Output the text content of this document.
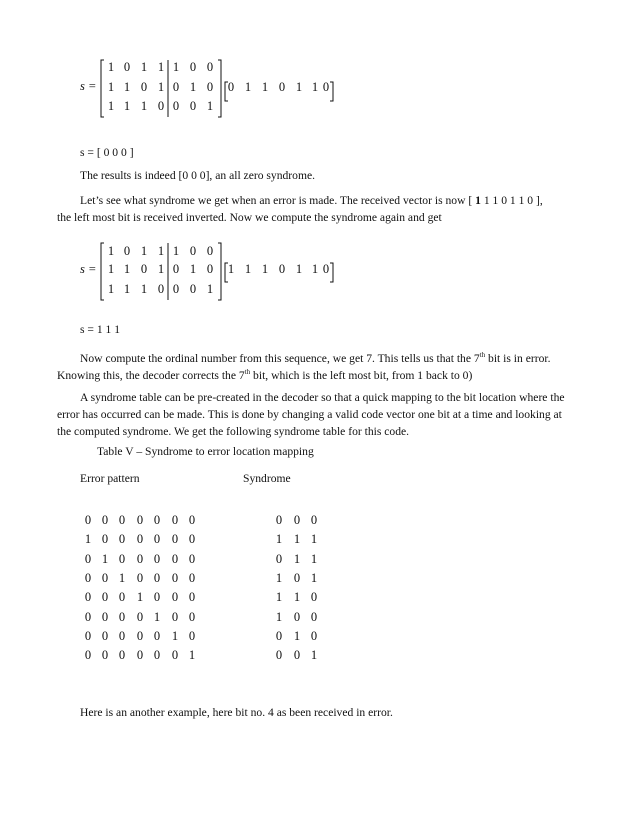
s =
1 0 1 1 1 0 0
1 1 0 1 0 1 0
1 1 1 0 0 0 1
0 1 1 0 1 1 0
s = [ 0 0 0 ]
The results is indeed [0 0 0], an all zero syndrome.
Let’s see what syndrome we get when an error is made. The received vector is now [ 1 1 1 0 1 1 0 ],
the left most bit is received inverted. Now we compute the syndrome again and get
s =
1 0 1 1 1 0 0
1 1 0 1 0 1 0
1 1 1 0 0 0 1
1 1 1 0 1 1 0
s = 1 1 1
Now compute the ordinal number from this sequence, we get 7. This tells us that the 7th bit is in error.
Knowing this, the decoder corrects the 7th bit, which is the left most bit, from 1 back to 0)
A syndrome table can be pre-created in the decoder so that a quick mapping to the bit location where the
error has occurred can be made. This is done by changing a valid code vector one bit at a time and looking at
the computed syndrome. We get the following syndrome table for this code.
Table V – Syndrome to error location mapping
Error pattern	Syndrome
0 0 0 0 0 0 0	0 0 0
1 0 0 0 0 0 0	1 1 1
0 1 0 0 0 0 0	0 1 1
0 0 1 0 0 0 0	1 0 1
0 0 0 1 0 0 0	1 1 0
0 0 0 0 1 0 0	1 0 0
0 0 0 0 0 1 0	0 1 0
0 0 0 0 0 0 1	0 0 1
Here is an another example, here bit no. 4 as been received in error.
